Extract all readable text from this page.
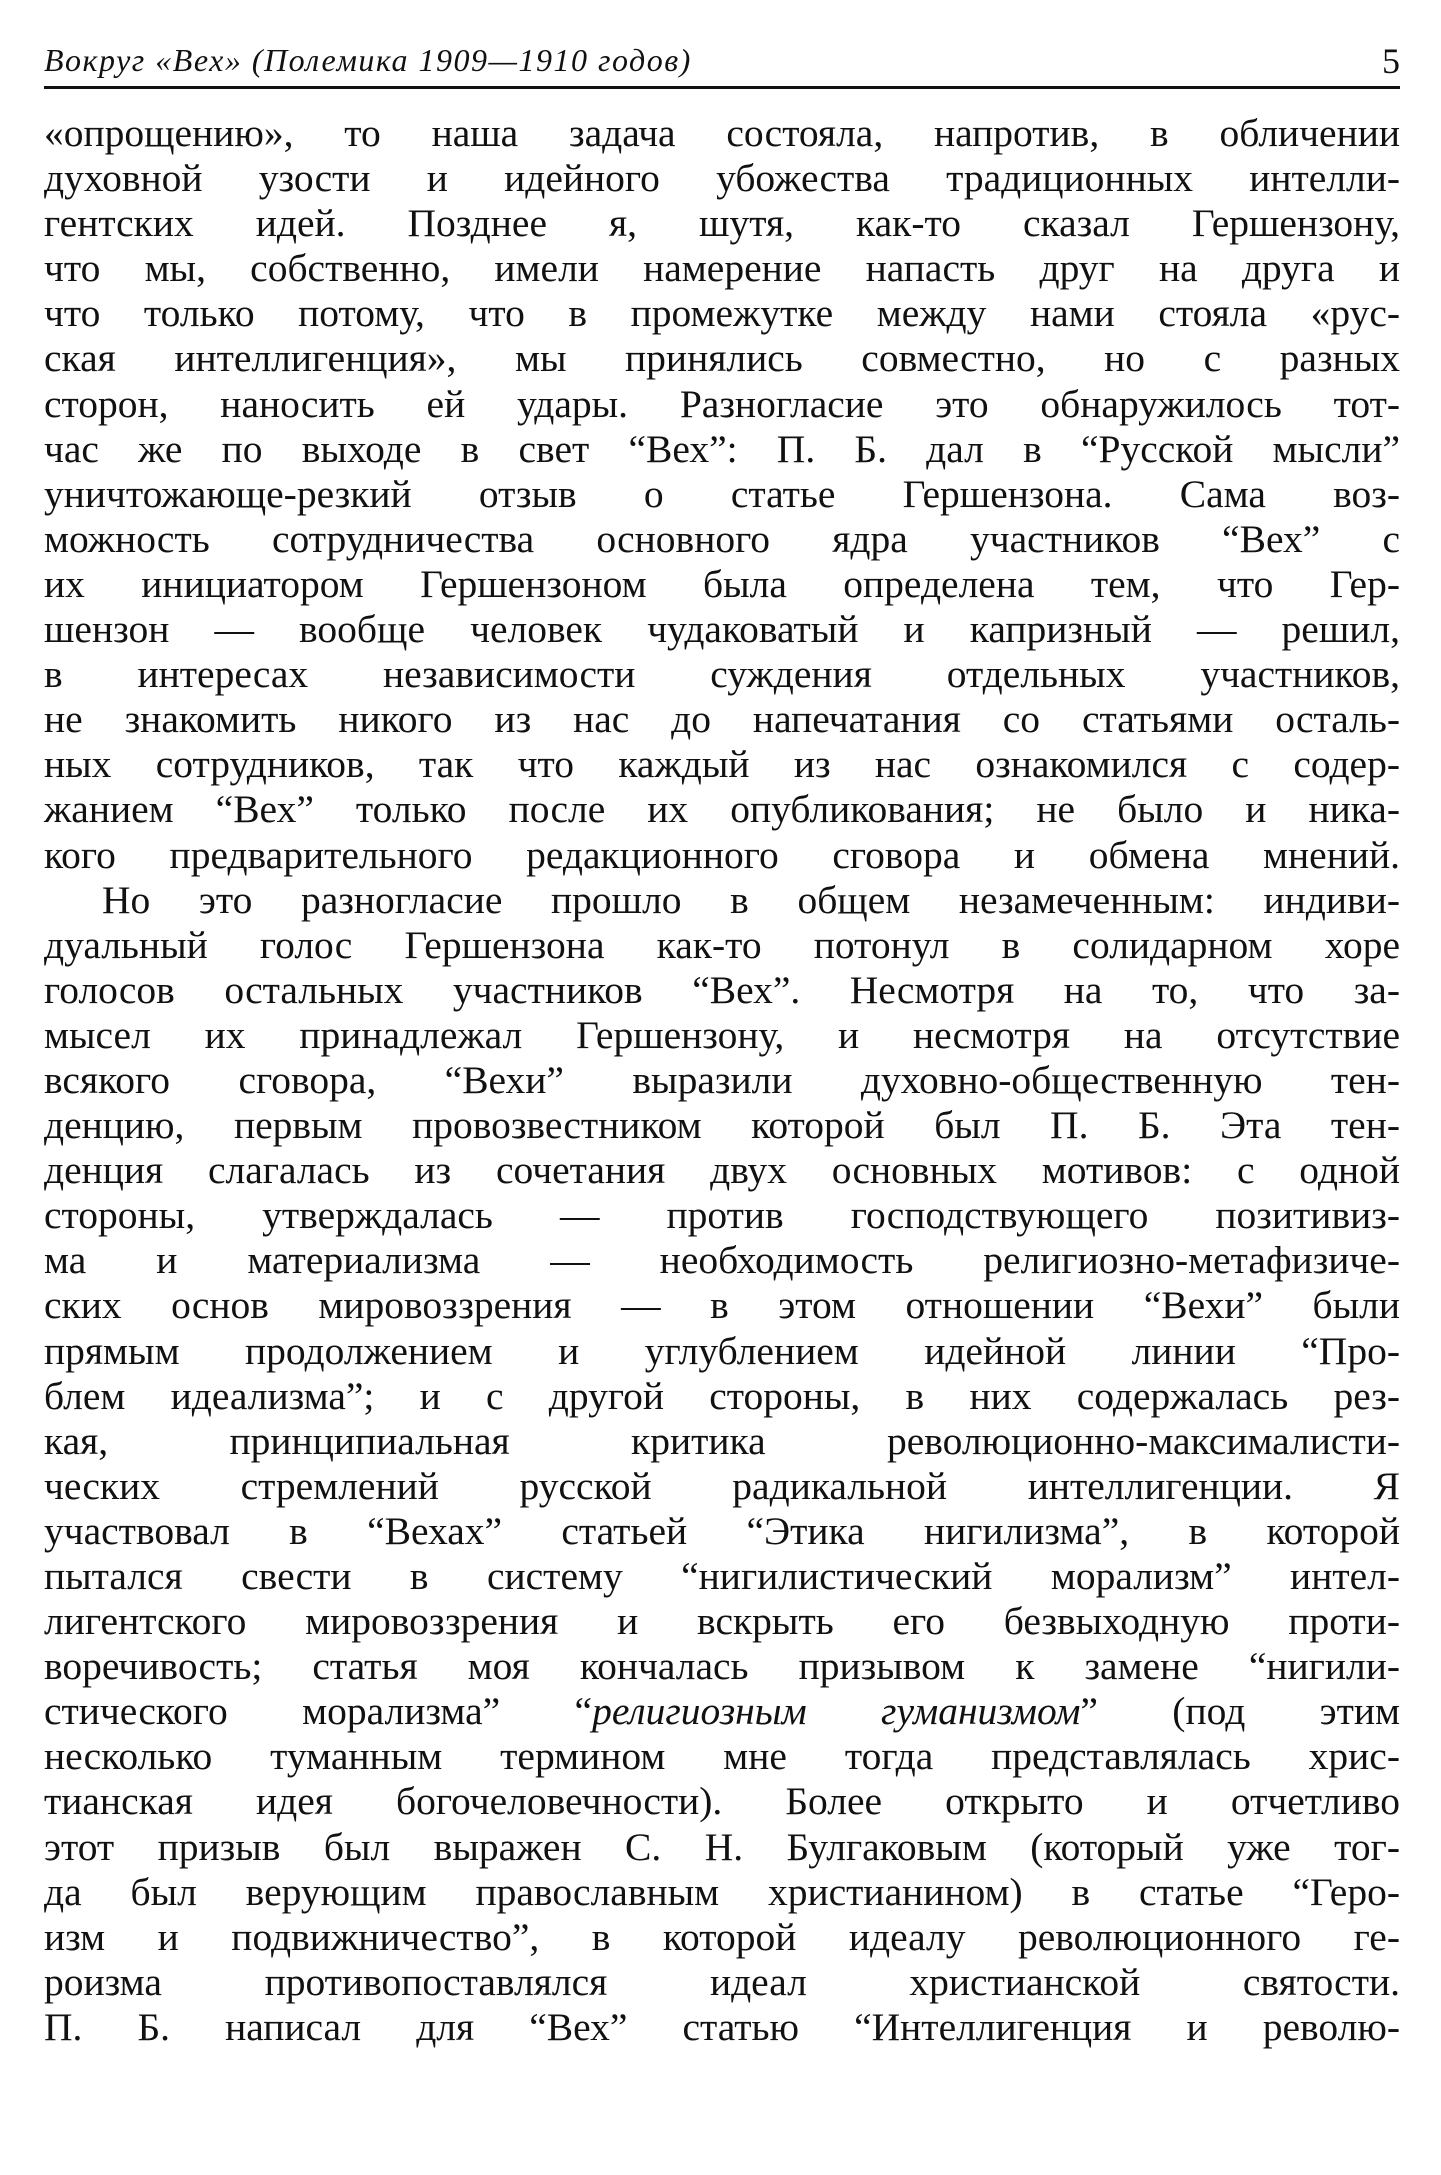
Вокруг «Вех» (Полемика 1909—1910 годов)	5
«опрощению», то наша задача состояла, напротив, в обличении
духовной узости и идейного убожества традиционных интелли-
гентских идей. Позднее я, шутя, как-то сказал Гершензону,
что мы, собственно, имели намерение напасть друг на друга и
что только потому, что в промежутке между нами стояла «рус-
ская интеллигенция», мы принялись совместно, но с разных
сторон, наносить ей удары. Разногласие это обнаружилось тот-
час же по выходе в свет “Вех”: П. Б. дал в “Русской мысли”
уничтожающе-резкий отзыв о статье Гершензона. Сама воз-
можность сотрудничества основного ядра участников “Вех” с
их инициатором Гершензоном была определена тем, что Гер-
шензон — вообще человек чудаковатый и капризный — решил,
в интересах независимости суждения отдельных участников,
не знакомить никого из нас до напечатания со статьями осталь-
ных сотрудников, так что каждый из нас ознакомился с содер-
жанием “Вех” только после их опубликования; не было и ника-
кого предварительного редакционного сговора и обмена мнений.
Но это разногласие прошло в общем незамеченным: индиви-
дуальный голос Гершензона как-то потонул в солидарном хоре
голосов остальных участников “Вех”. Несмотря на то, что за-
мысел их принадлежал Гершензону, и несмотря на отсутствие
всякого сговора, “Вехи” выразили духовно-общественную тен-
денцию, первым провозвестником которой был П. Б. Эта тен-
денция слагалась из сочетания двух основных мотивов: с одной
стороны, утверждалась — против господствующего позитивиз-
ма и материализма — необходимость религиозно-метафизиче-
ских основ мировоззрения — в этом отношении “Вехи” были
прямым продолжением и углублением идейной линии “Про-
блем идеализма”; и с другой стороны, в них содержалась рез-
кая, принципиальная критика революционно-максималисти-
ческих стремлений русской радикальной интеллигенции. Я
участвовал в “Вехах” статьей “Этика нигилизма”, в которой
пытался свести в систему “нигилистический морализм” интел-
лигентского мировоззрения и вскрыть его безвыходную проти-
воречивость; статья моя кончалась призывом к замене “нигили-
стического морализма” “религиозным гуманизмом” (под этим
несколько туманным термином мне тогда представлялась хрис-
тианская идея богочеловечности). Более открыто и отчетливо
этот призыв был выражен С. Н. Булгаковым (который уже тог-
да был верующим православным христианином) в статье “Геро-
изм и подвижничество”, в которой идеалу революционного ге-
роизма противопоставлялся идеал христианской святости.
П. Б. написал для “Вех” статью “Интеллигенция и револю-
